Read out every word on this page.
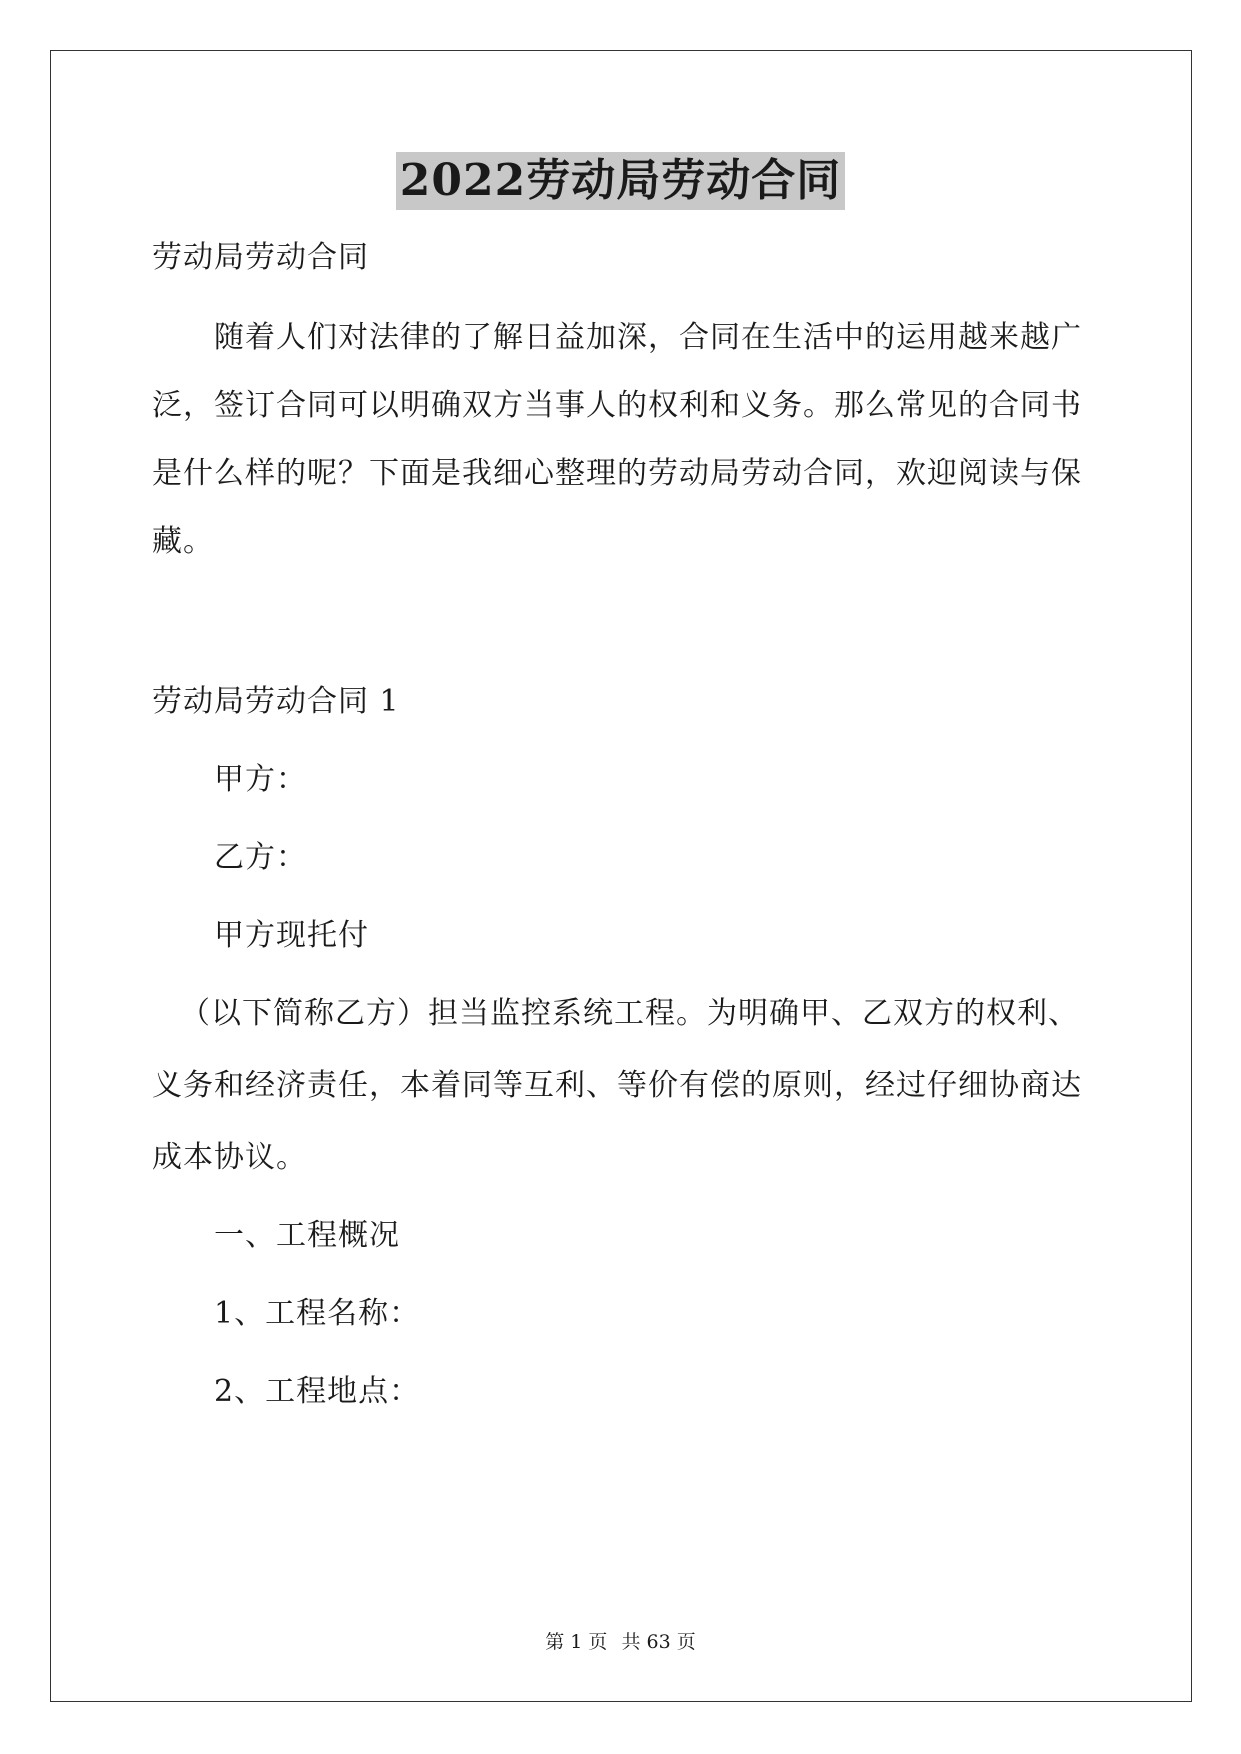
2022劳动局劳动合同
劳动局劳动合同
随着人们对法律的了解日益加深，合同在生活中的运用越来越广
泛，签订合同可以明确双方当事人的权利和义务。那么常见的合同书
是什么样的呢？下面是我细心整理的劳动局劳动合同，欢迎阅读与保
藏。
劳动局劳动合同 1
甲方：
乙方：
甲方现托付
（以下简称乙方）担当监控系统工程。为明确甲、乙双方的权利、
义务和经济责任，本着同等互利、等价有偿的原则，经过仔细协商达
成本协议。
一、工程概况
1、工程名称：
2、工程地点：
第 1 页 共 63 页
